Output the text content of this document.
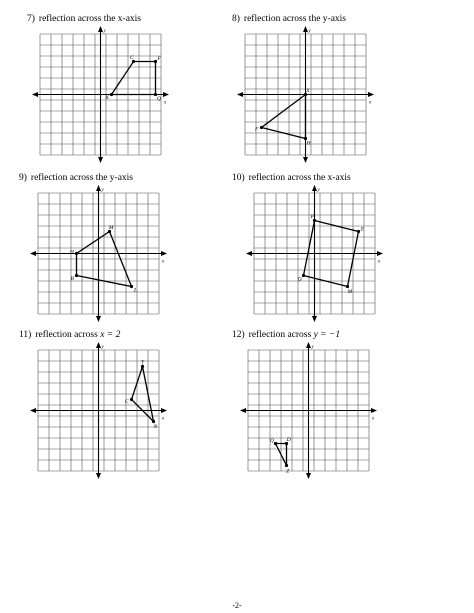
7) reflection across the x-axis
x
y
C	F
Q
K
8) reflection across the y-axis
x
y
X
H
F
9) reflection across the y-axis
x
y
M
L
B
H
10) reflection across the x-axis
x
y
P
E
M
Q
11) reflection across x = 2
x
y
Y
N
C
12) reflection across y = −1
x
y
Q D
Z
-2-
